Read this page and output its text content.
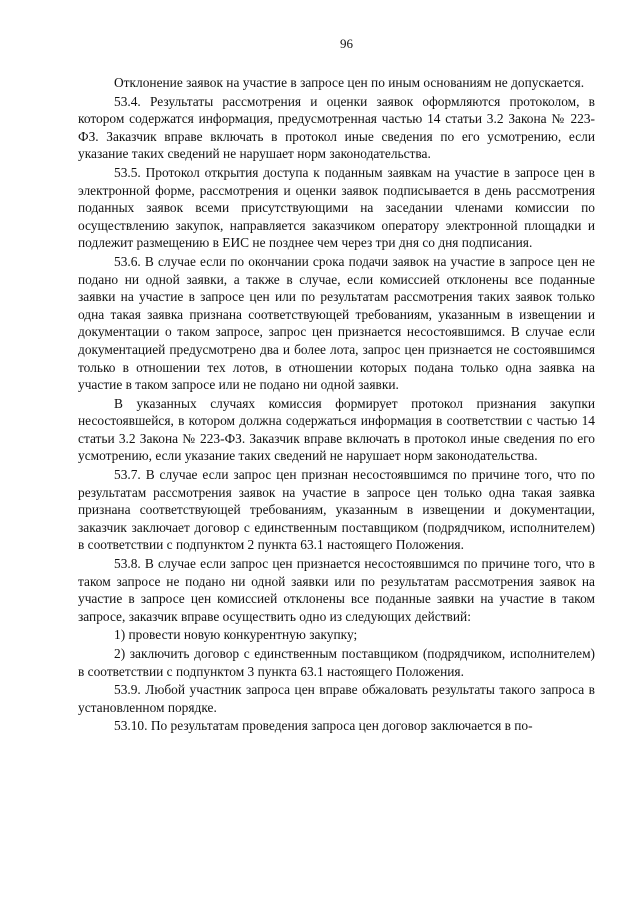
96

Отклонение заявок на участие в запросе цен по иным основаниям не допускается.

53.4. Результаты рассмотрения и оценки заявок оформляются протоколом, в котором содержатся информация, предусмотренная частью 14 статьи 3.2 Закона № 223-ФЗ. Заказчик вправе включать в протокол иные сведения по его усмотрению, если указание таких сведений не нарушает норм законодательства.

53.5. Протокол открытия доступа к поданным заявкам на участие в запросе цен в электронной форме, рассмотрения и оценки заявок подписывается в день рассмотрения поданных заявок всеми присутствующими на заседании членами комиссии по осуществлению закупок, направляется заказчиком оператору электронной площадки и подлежит размещению в ЕИС не позднее чем через три дня со дня подписания.

53.6. В случае если по окончании срока подачи заявок на участие в запросе цен не подано ни одной заявки, а также в случае, если комиссией отклонены все поданные заявки на участие в запросе цен или по результатам рассмотрения таких заявок только одна такая заявка признана соответствующей требованиям, указанным в извещении и документации о таком запросе, запрос цен признается несостоявшимся. В случае если документацией предусмотрено два и более лота, запрос цен признается не состоявшимся только в отношении тех лотов, в отношении которых подана только одна заявка на участие в таком запросе или не подано ни одной заявки.

В указанных случаях комиссия формирует протокол признания закупки несостоявшейся, в котором должна содержаться информация в соответствии с частью 14 статьи 3.2 Закона № 223-ФЗ. Заказчик вправе включать в протокол иные сведения по его усмотрению, если указание таких сведений не нарушает норм законодательства.

53.7. В случае если запрос цен признан несостоявшимся по причине того, что по результатам рассмотрения заявок на участие в запросе цен только одна такая заявка признана соответствующей требованиям, указанным в извещении и документации, заказчик заключает договор с единственным поставщиком (подрядчиком, исполнителем) в соответствии с подпунктом 2 пункта 63.1 настоящего Положения.

53.8. В случае если запрос цен признается несостоявшимся по причине того, что в таком запросе не подано ни одной заявки или по результатам рассмотрения заявок на участие в запросе цен комиссией отклонены все поданные заявки на участие в таком запросе, заказчик вправе осуществить одно из следующих действий:

1) провести новую конкурентную закупку;

2) заключить договор с единственным поставщиком (подрядчиком, исполнителем) в соответствии с подпунктом 3 пункта 63.1 настоящего Положения.

53.9. Любой участник запроса цен вправе обжаловать результаты такого запроса в установленном порядке.

53.10. По результатам проведения запроса цен договор заключается в по-
